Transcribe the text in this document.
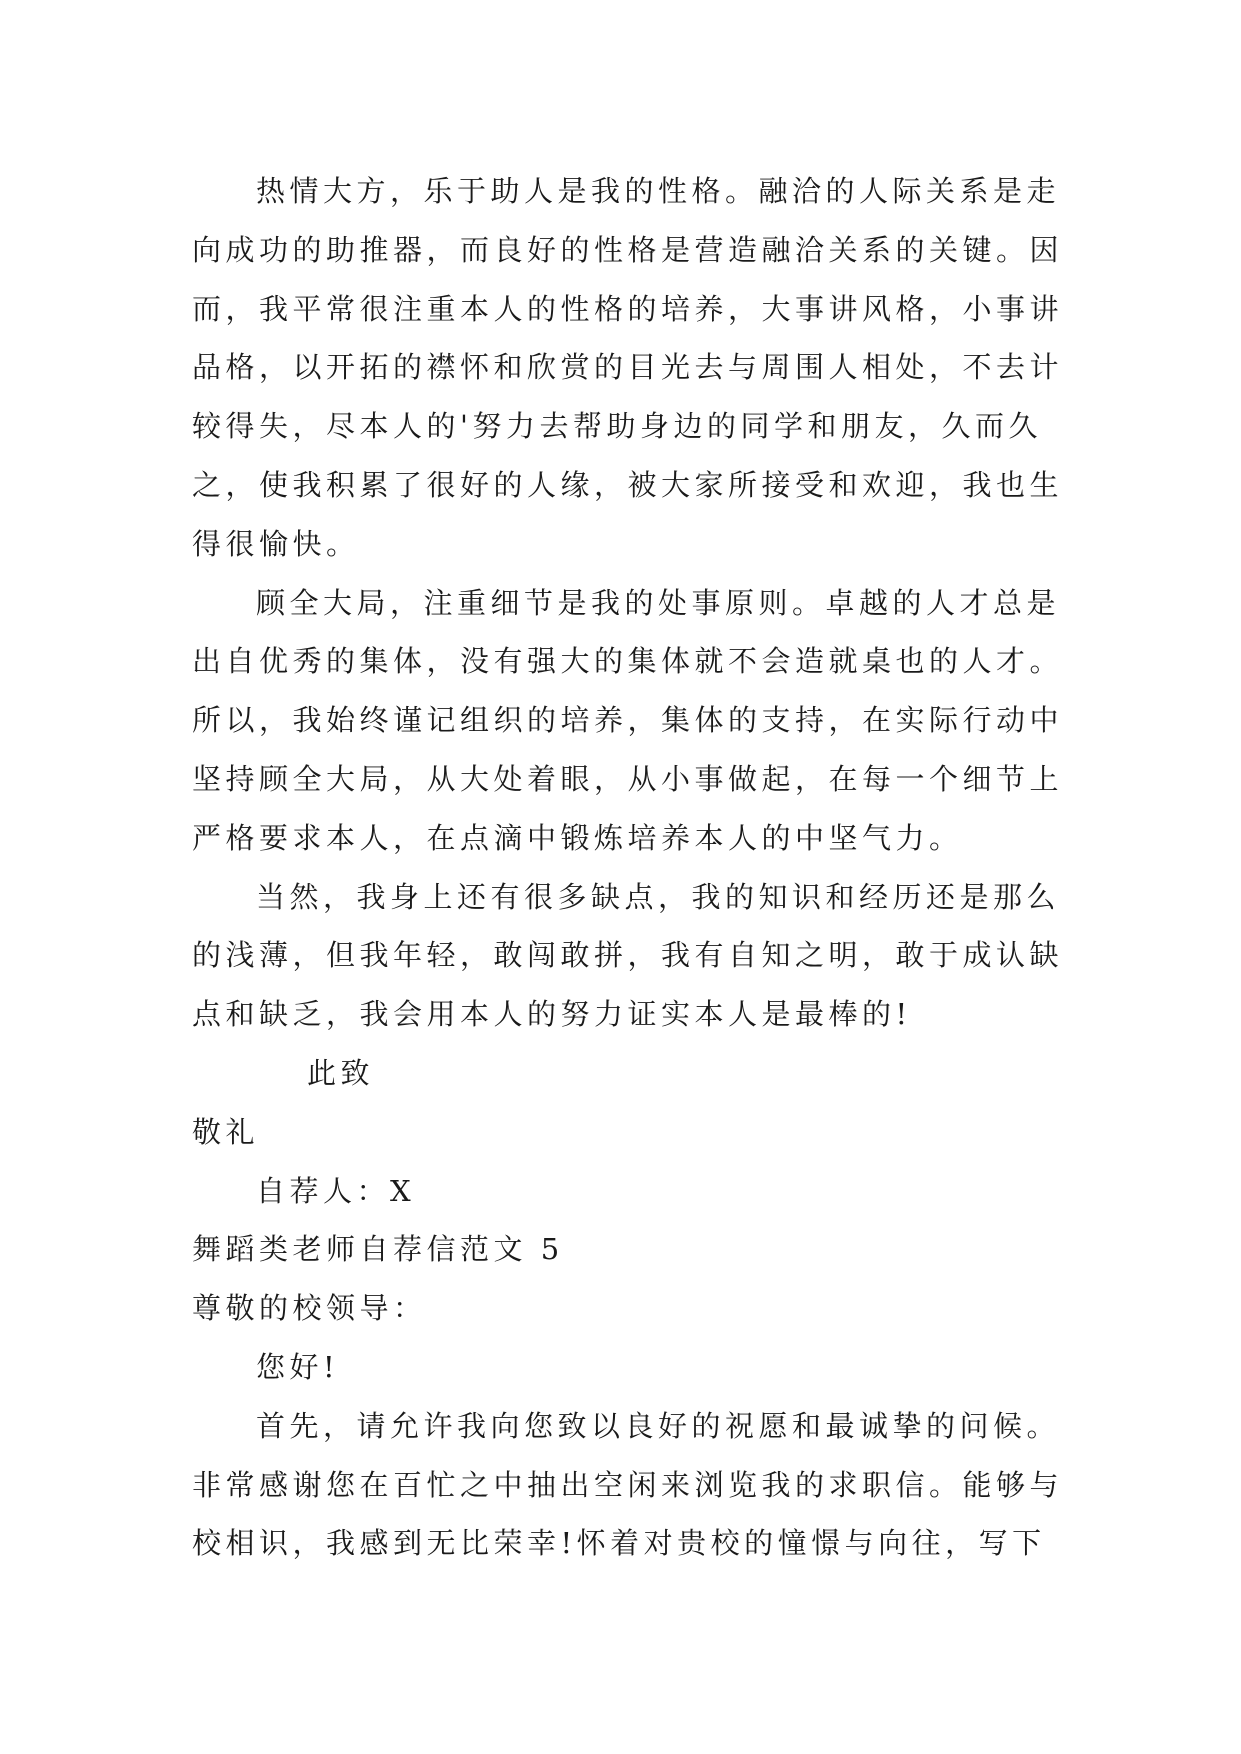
热情大方，乐于助人是我的性格。融洽的人际关系是走
向成功的助推器，而良好的性格是营造融洽关系的关键。因
而，我平常很注重本人的性格的培养，大事讲风格，小事讲
品格，以开拓的襟怀和欣赏的目光去与周围人相处，不去计
较得失，尽本人的'努力去帮助身边的同学和朋友，久而久
之，使我积累了很好的人缘，被大家所接受和欢迎，我也生
得很愉快。
顾全大局，注重细节是我的处事原则。卓越的人才总是
出自优秀的集体，没有强大的集体就不会造就桌也的人才。
所以，我始终谨记组织的培养，集体的支持，在实际行动中
坚持顾全大局，从大处着眼，从小事做起，在每一个细节上
严格要求本人，在点滴中锻炼培养本人的中坚气力。
当然，我身上还有很多缺点，我的知识和经历还是那么
的浅薄，但我年轻，敢闯敢拼，我有自知之明，敢于成认缺
点和缺乏，我会用本人的努力证实本人是最棒的!
此致
敬礼
自荐人：X
舞蹈类老师自荐信范文 5
尊敬的校领导：
您好!
首先，请允许我向您致以良好的祝愿和最诚挚的问候。
非常感谢您在百忙之中抽出空闲来浏览我的求职信。能够与
校相识，我感到无比荣幸!怀着对贵校的憧憬与向往，写下
